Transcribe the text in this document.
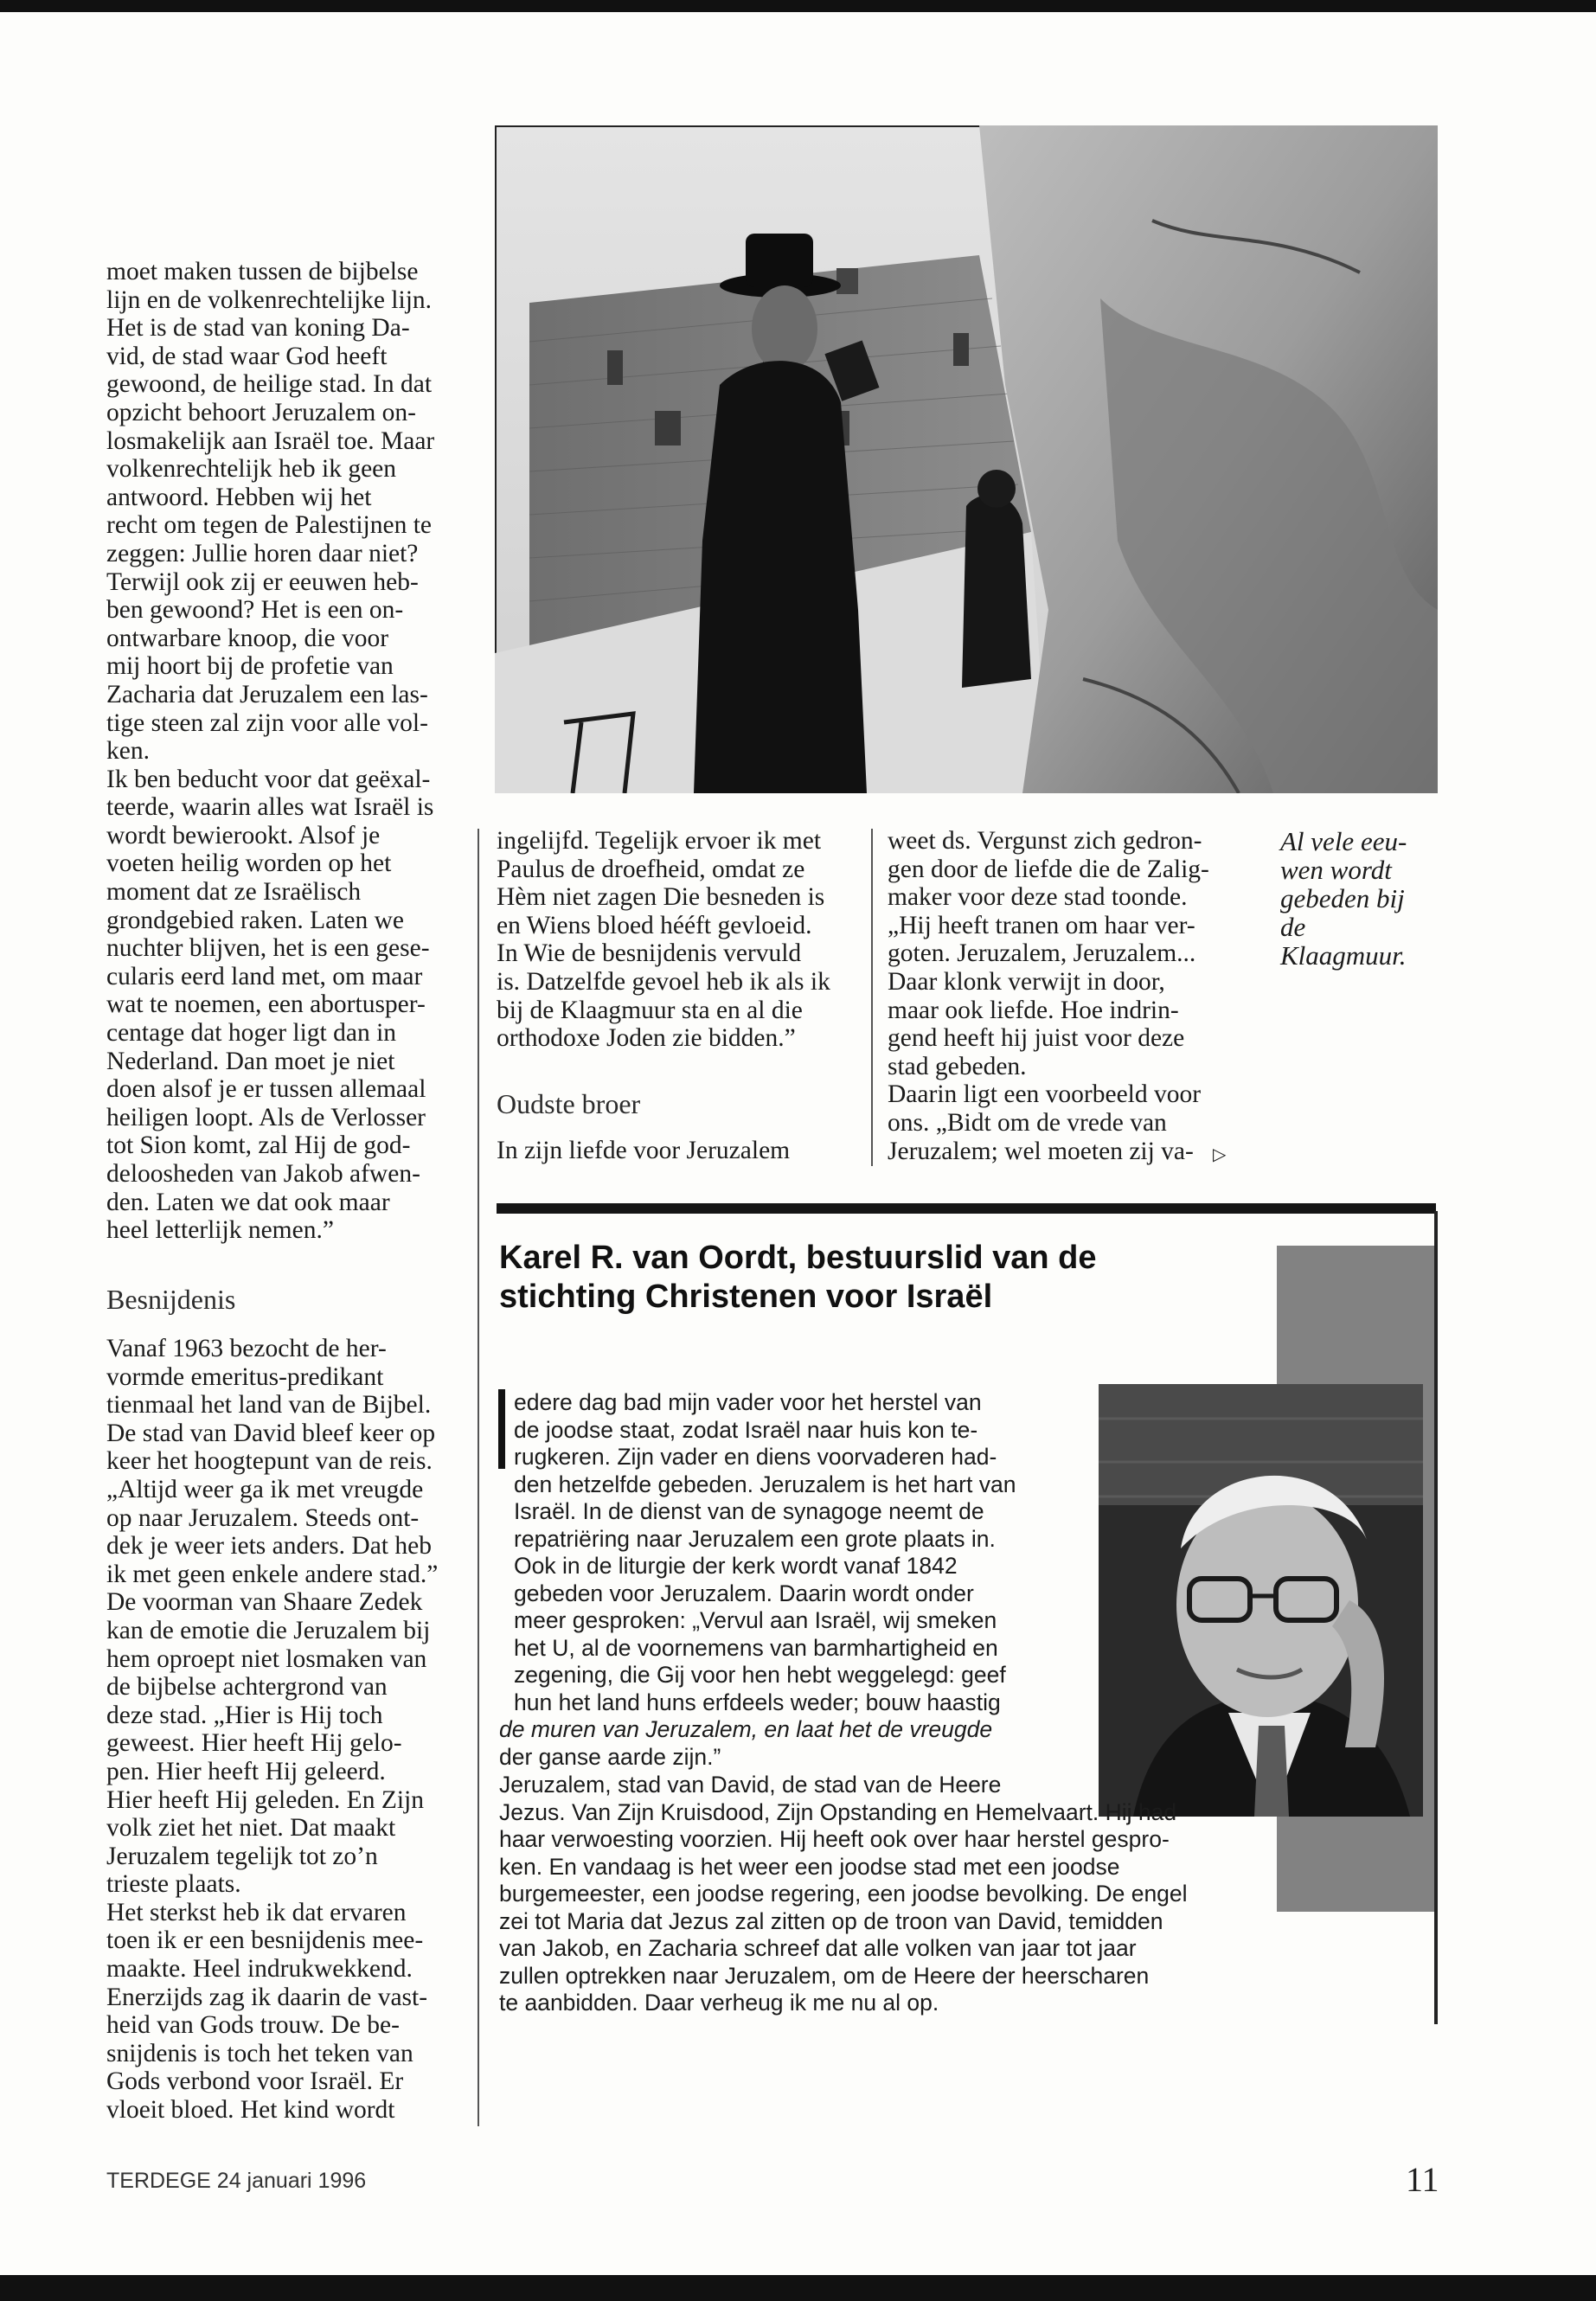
moet maken tussen de bijbelse
lijn en de volkenrechtelijke lijn.
Het is de stad van koning Da-
vid, de stad waar God heeft
gewoond, de heilige stad. In dat
opzicht behoort Jeruzalem on-
losmakelijk aan Israël toe. Maar
volkenrechtelijk heb ik geen
antwoord. Hebben wij het
recht om tegen de Palestijnen te
zeggen: Jullie horen daar niet?
Terwijl ook zij er eeuwen heb-
ben gewoond? Het is een on-
ontwarbare knoop, die voor
mij hoort bij de profetie van
Zacharia dat Jeruzalem een las-
tige steen zal zijn voor alle vol-
ken.
Ik ben beducht voor dat geëxal-
teerde, waarin alles wat Israël is
wordt bewierookt. Alsof je
voeten heilig worden op het
moment dat ze Israëlisch
grondgebied raken. Laten we
nuchter blijven, het is een gese-
cularis eerd land met, om maar
wat te noemen, een abortusper-
centage dat hoger ligt dan in
Nederland. Dan moet je niet
doen alsof je er tussen allemaal
heiligen loopt. Als de Verlosser
tot Sion komt, zal Hij de god-
deloosheden van Jakob afwen-
den. Laten we dat ook maar
heel letterlijk nemen.”
Besnijdenis
Vanaf 1963 bezocht de her-
vormde emeritus-predikant
tienmaal het land van de Bijbel.
De stad van David bleef keer op
keer het hoogtepunt van de reis.
„Altijd weer ga ik met vreugde
op naar Jeruzalem. Steeds ont-
dek je weer iets anders. Dat heb
ik met geen enkele andere stad.”
De voorman van Shaare Zedek
kan de emotie die Jeruzalem bij
hem oproept niet losmaken van
de bijbelse achtergrond van
deze stad. „Hier is Hij toch
geweest. Hier heeft Hij gelo-
pen. Hier heeft Hij geleerd.
Hier heeft Hij geleden. En Zijn
volk ziet het niet. Dat maakt
Jeruzalem tegelijk tot zo’n
trieste plaats.
Het sterkst heb ik dat ervaren
toen ik er een besnijdenis mee-
maakte. Heel indrukwekkend.
Enerzijds zag ik daarin de vast-
heid van Gods trouw. De be-
snijdenis is toch het teken van
Gods verbond voor Israël. Er
vloeit bloed. Het kind wordt
ingelijfd. Tegelijk ervoer ik met
Paulus de droefheid, omdat ze
Hèm niet zagen Die besneden is
en Wiens bloed hééft gevloeid.
In Wie de besnijdenis vervuld
is. Datzelfde gevoel heb ik als ik
bij de Klaagmuur sta en al die
orthodoxe Joden zie bidden.”
Oudste broer
In zijn liefde voor Jeruzalem
weet ds. Vergunst zich gedron-
gen door de liefde die de Zalig-
maker voor deze stad toonde.
„Hij heeft tranen om haar ver-
goten. Jeruzalem, Jeruzalem...
Daar klonk verwijt in door,
maar ook liefde. Hoe indrin-
gend heeft hij juist voor deze
stad gebeden.
Daarin ligt een voorbeeld voor
ons. „Bidt om de vrede van
Jeruzalem; wel moeten zij va-	▷
Al vele eeu-
wen wordt
gebeden bij de
Klaagmuur.
Karel R. van Oordt, bestuurslid van de
stichting Christenen voor Israël
edere dag bad mijn vader voor het herstel van
de joodse staat, zodat Israël naar huis kon te-
rugkeren. Zijn vader en diens voorvaderen had-
den hetzelfde gebeden. Jeruzalem is het hart van
Israël. In de dienst van de synagoge neemt de
repatriëring naar Jeruzalem een grote plaats in.
Ook in de liturgie der kerk wordt vanaf 1842
gebeden voor Jeruzalem. Daarin wordt onder
meer gesproken: „Vervul aan Israël, wij smeken
het U, al de voornemens van barmhartigheid en
zegening, die Gij voor hen hebt weggelegd: geef
hun het land huns erfdeels weder; bouw haastig
de muren van Jeruzalem, en laat het de vreugde
der ganse aarde zijn.”
Jeruzalem, stad van David, de stad van de Heere
Jezus. Van Zijn Kruisdood, Zijn Opstanding en Hemelvaart. Hij had
haar verwoesting voorzien. Hij heeft ook over haar herstel gespro-
ken. En vandaag is het weer een joodse stad met een joodse
burgemeester, een joodse regering, een joodse bevolking. De engel
zei tot Maria dat Jezus zal zitten op de troon van David, temidden
van Jakob, en Zacharia schreef dat alle volken van jaar tot jaar
zullen optrekken naar Jeruzalem, om de Heere der heerscharen
te aanbidden. Daar verheug ik me nu al op.
TERDEGE 24 januari 1996	11
